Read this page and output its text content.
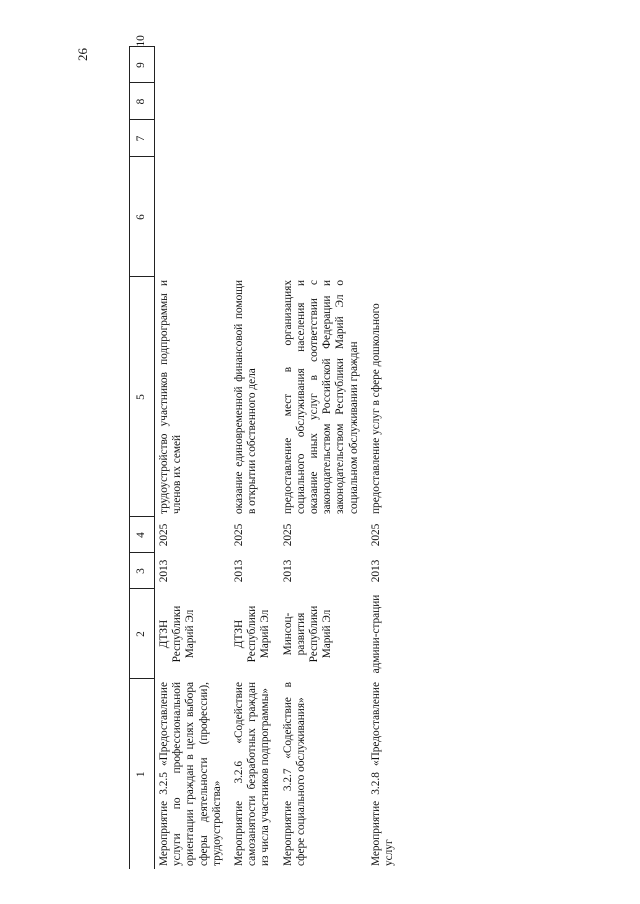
26
1	2	3	4	5	6	7	8	9	10
Мероприятие 3.2.5 «Предоставление услуги по профессиональной ориентации граждан в целях выбора сферы деятельности (профессии), трудоустройства»	ДТЗН Республики Марий Эл	2013	2025	трудоустройство участников подпрограммы и членов их семей					
Мероприятие 3.2.6 «Содействие самозанятости безработных граждан из числа участников подпрограммы»	ДТЗН Республики Марий Эл	2013	2025	оказание единовременной финансовой помощи в открытии собственного дела					
Мероприятие 3.2.7 «Содействие в сфере социального обслуживания»	Минсоц-развития Республики Марий Эл	2013	2025	предоставление мест в организациях социального обслуживания населения и оказание иных услуг в соответствии с законодательством Российской Федерации и законодательством Республики Марий Эл о социальном обслуживании граждан					
Мероприятие 3.2.8 «Предоставление услуг	админи-страции	2013	2025	предоставление услуг в сфере дошкольного					
